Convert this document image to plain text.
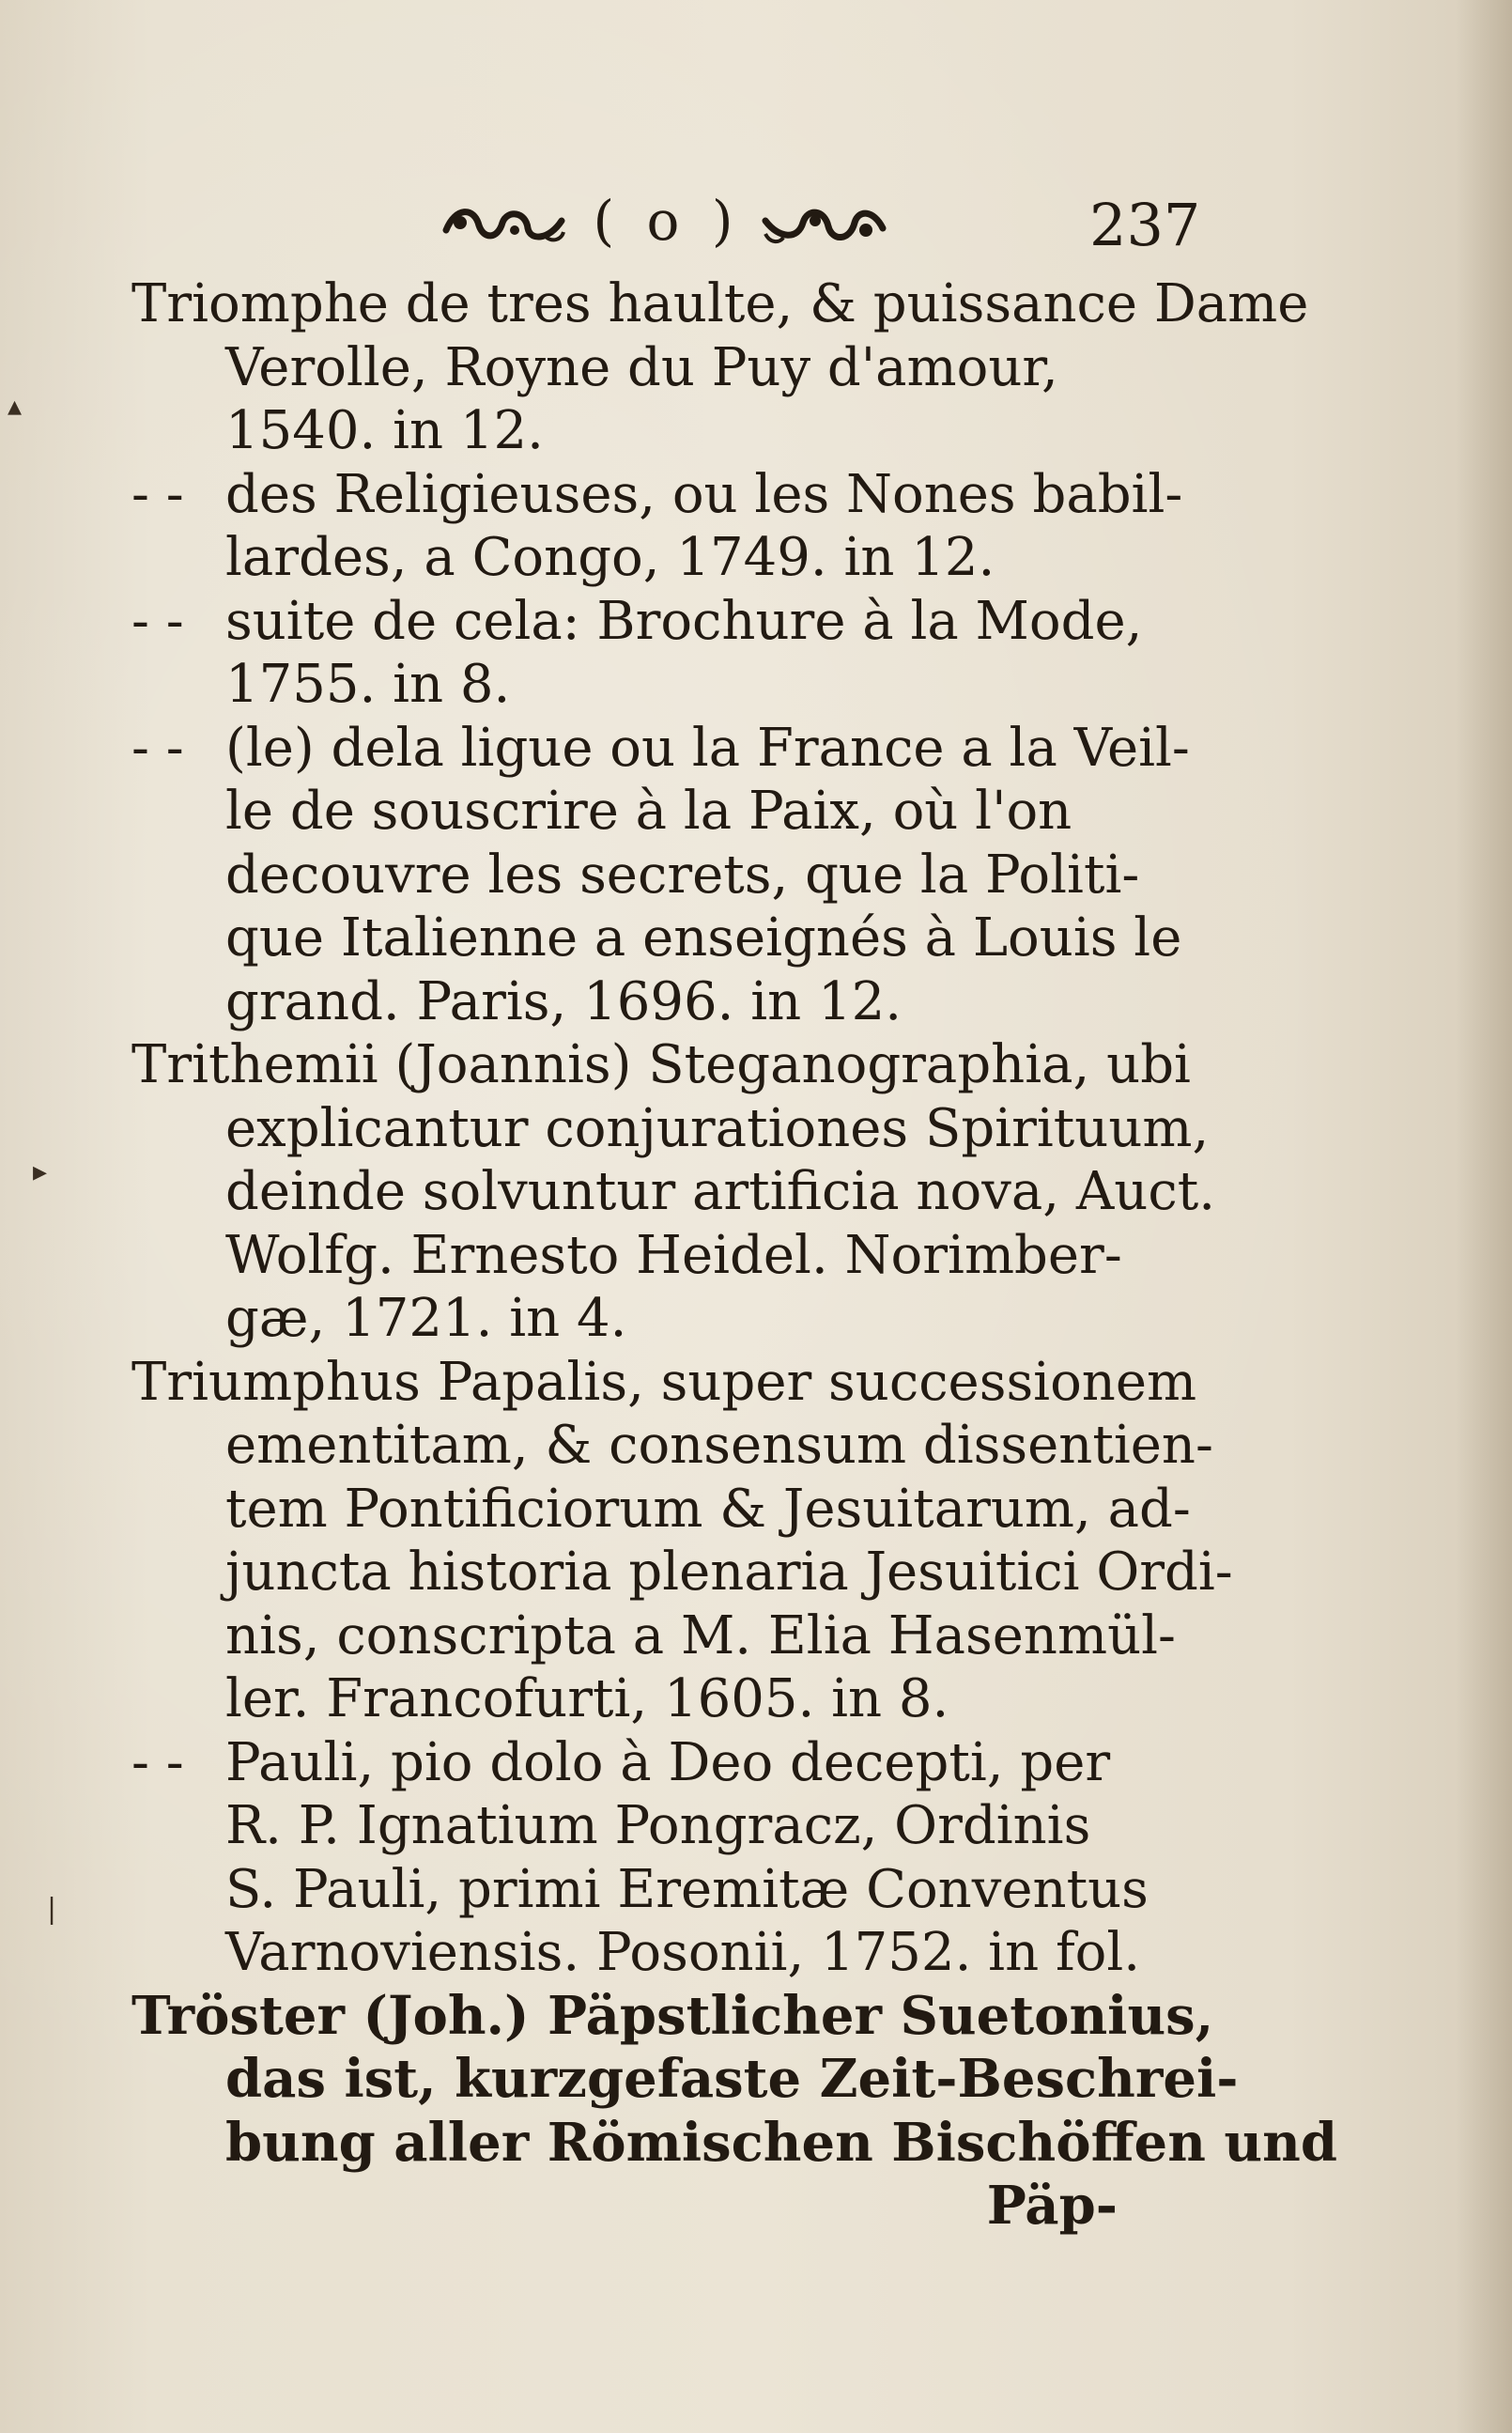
( o )	237
Triomphe de tres haulte, & puissance Dame
Verolle, Royne du Puy d'amour,
1540. in 12.
- - des Religieuses, ou les Nones babil-
lardes, a Congo, 1749. in 12.
- - suite de cela: Brochure à la Mode,
1755. in 8.
- - (le) dela ligue ou la France a la Veil-
le de souscrire à la Paix, où l'on
decouvre les secrets, que la Politi-
que Italienne a enseignés à Louis le
grand. Paris, 1696. in 12.
Trithemii (Joannis) Steganographia, ubi
explicantur conjurationes Spirituum,
deinde solvuntur artificia nova, Auct.
Wolfg. Ernesto Heidel. Norimber-
gæ, 1721. in 4.
Triumphus Papalis, super successionem
ementitam, & consensum dissentien-
tem Pontificiorum & Jesuitarum, ad-
juncta historia plenaria Jesuitici Ordi-
nis, conscripta a M. Elia Hasenmül-
ler. Francofurti, 1605. in 8.
- - Pauli, pio dolo à Deo decepti, per
R. P. Ignatium Pongracz, Ordinis
S. Pauli, primi Eremitæ Conventus
Varnoviensis. Posonii, 1752. in fol.
Tröster (Joh.) Päpstlicher Suetonius,
das ist, kurzgefaste Zeit-Beschrei-
bung aller Römischen Bischöffen und
Päp-
▴
▸
|
